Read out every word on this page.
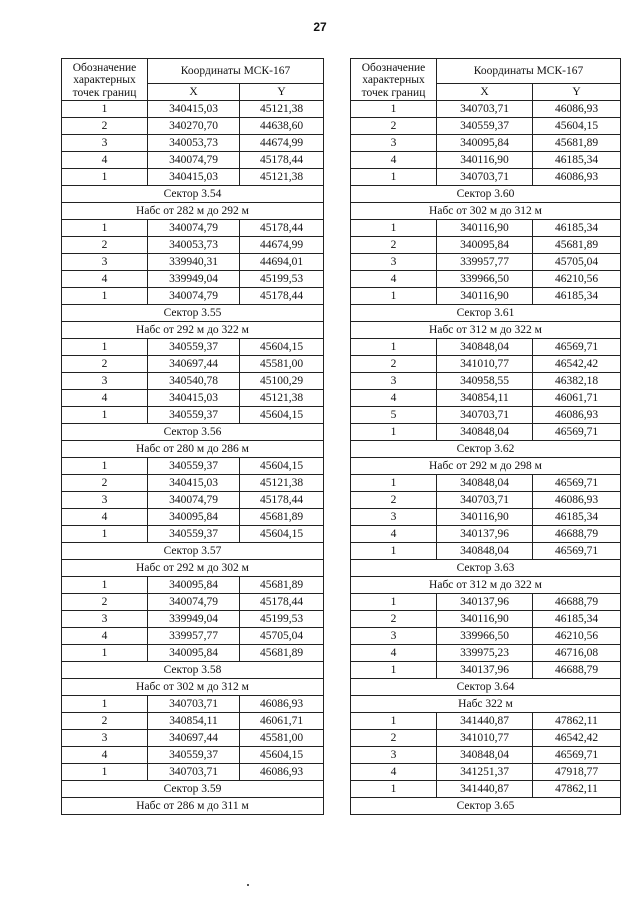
27
Обозначение характерных точек границ	Координаты МСК-167	
	X	Y
1	340415,03	45121,38
2	340270,70	44638,60
3	340053,73	44674,99
4	340074,79	45178,44
1	340415,03	45121,38
Сектор 3.54		
Набс от 282 м до 292 м		
1	340074,79	45178,44
2	340053,73	44674,99
3	339940,31	44694,01
4	339949,04	45199,53
1	340074,79	45178,44
Сектор 3.55		
Набс от 292 м до 322 м		
1	340559,37	45604,15
2	340697,44	45581,00
3	340540,78	45100,29
4	340415,03	45121,38
1	340559,37	45604,15
Сектор 3.56		
Набс от 280 м до 286 м		
1	340559,37	45604,15
2	340415,03	45121,38
3	340074,79	45178,44
4	340095,84	45681,89
1	340559,37	45604,15
Сектор 3.57		
Набс от 292 м до 302 м		
1	340095,84	45681,89
2	340074,79	45178,44
3	339949,04	45199,53
4	339957,77	45705,04
1	340095,84	45681,89
Сектор 3.58		
Набс от 302 м до 312 м		
1	340703,71	46086,93
2	340854,11	46061,71
3	340697,44	45581,00
4	340559,37	45604,15
1	340703,71	46086,93
Сектор 3.59		
Набс от 286 м до 311 м		
Обозначение характерных точек границ	Координаты МСК-167	
	X	Y
1	340703,71	46086,93
2	340559,37	45604,15
3	340095,84	45681,89
4	340116,90	46185,34
1	340703,71	46086,93
Сектор 3.60		
Набс от 302 м до 312 м		
1	340116,90	46185,34
2	340095,84	45681,89
3	339957,77	45705,04
4	339966,50	46210,56
1	340116,90	46185,34
Сектор 3.61		
Набс от 312 м до 322 м		
1	340848,04	46569,71
2	341010,77	46542,42
3	340958,55	46382,18
4	340854,11	46061,71
5	340703,71	46086,93
1	340848,04	46569,71
Сектор 3.62		
Набс от 292 м до 298 м		
1	340848,04	46569,71
2	340703,71	46086,93
3	340116,90	46185,34
4	340137,96	46688,79
1	340848,04	46569,71
Сектор 3.63		
Набс от 312 м до 322 м		
1	340137,96	46688,79
2	340116,90	46185,34
3	339966,50	46210,56
4	339975,23	46716,08
1	340137,96	46688,79
Сектор 3.64		
Набс 322 м		
1	341440,87	47862,11
2	341010,77	46542,42
3	340848,04	46569,71
4	341251,37	47918,77
1	341440,87	47862,11
Сектор 3.65		
